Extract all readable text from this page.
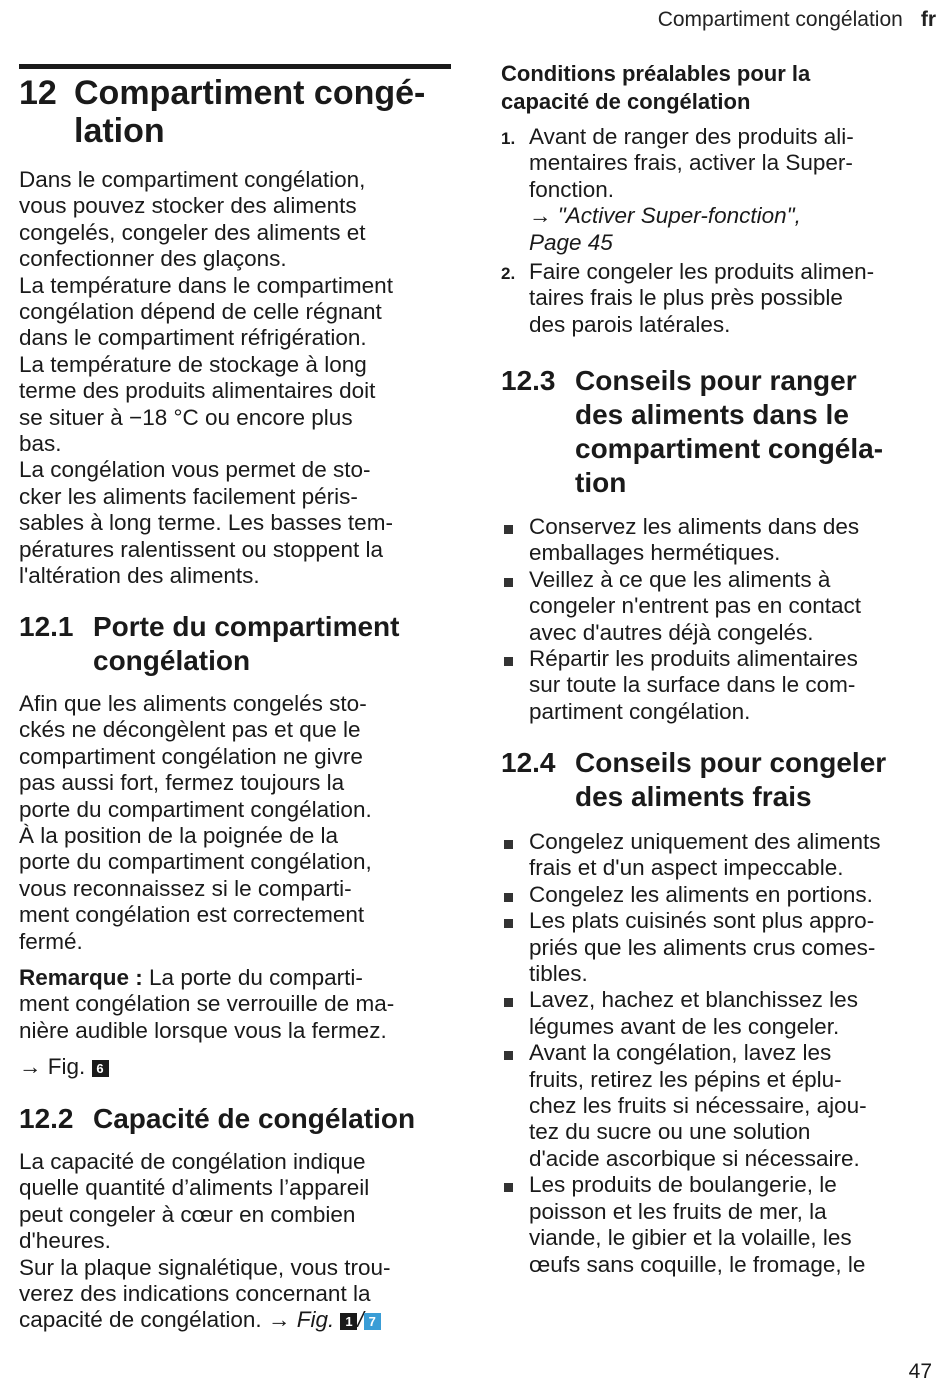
Compartiment congélation fr
12 Compartiment congé-
lation

Dans le compartiment congélation,
vous pouvez stocker des aliments
congelés, congeler des aliments et
confectionner des glaçons.

La température dans le compartiment
congélation dépend de celle régnant
dans le compartiment réfrigération.

La température de stockage à long
terme des produits alimentaires doit
se situer à −18 °C ou encore plus
bas.

La congélation vous permet de sto-
cker les aliments facilement péris-
sables à long terme. Les basses tem-
pératures ralentissent ou stoppent la
l'altération des aliments.

12.1 Porte du compartiment
congélation

Afin que les aliments congelés sto-
ckés ne décongèlent pas et que le
compartiment congélation ne givre
pas aussi fort, fermez toujours la
porte du compartiment congélation.
À la position de la poignée de la
porte du compartiment congélation,
vous reconnaissez si le comparti-
ment congélation est correctement
fermé.

Remarque : La porte du comparti-
ment congélation se verrouille de ma-
nière audible lorsque vous la fermez.

→ Fig. 6

12.2 Capacité de congélation

La capacité de congélation indique
quelle quantité d’aliments l’appareil
peut congeler à cœur en combien
d'heures.

Sur la plaque signalétique, vous trou-
verez des indications concernant la
capacité de congélation. → Fig. 1 / 7

Conditions préalables pour la
capacité de congélation
1. Avant de ranger des produits ali-
mentaires frais, activer la Super-
fonction.
→ "Activer Super-fonction",
Page 45
2. Faire congeler les produits alimen-
taires frais le plus près possible
des parois latérales.
12.3 Conseils pour ranger
des aliments dans le
compartiment congéla-
tion
Conservez les aliments dans des
emballages hermétiques.
Veillez à ce que les aliments à
congeler n'entrent pas en contact
avec d'autres déjà congelés.
Répartir les produits alimentaires
sur toute la surface dans le com-
partiment congélation.
12.4 Conseils pour congeler
des aliments frais
Congelez uniquement des aliments
frais et d'un aspect impeccable.
Congelez les aliments en portions.
Les plats cuisinés sont plus appro-
priés que les aliments crus comes-
tibles.
Lavez, hachez et blanchissez les
légumes avant de les congeler.
Avant la congélation, lavez les
fruits, retirez les pépins et éplu-
chez les fruits si nécessaire, ajou-
tez du sucre ou une solution
d'acide ascorbique si nécessaire.
Les produits de boulangerie, le
poisson et les fruits de mer, la
viande, le gibier et la volaille, les
œufs sans coquille, le fromage, le
47
